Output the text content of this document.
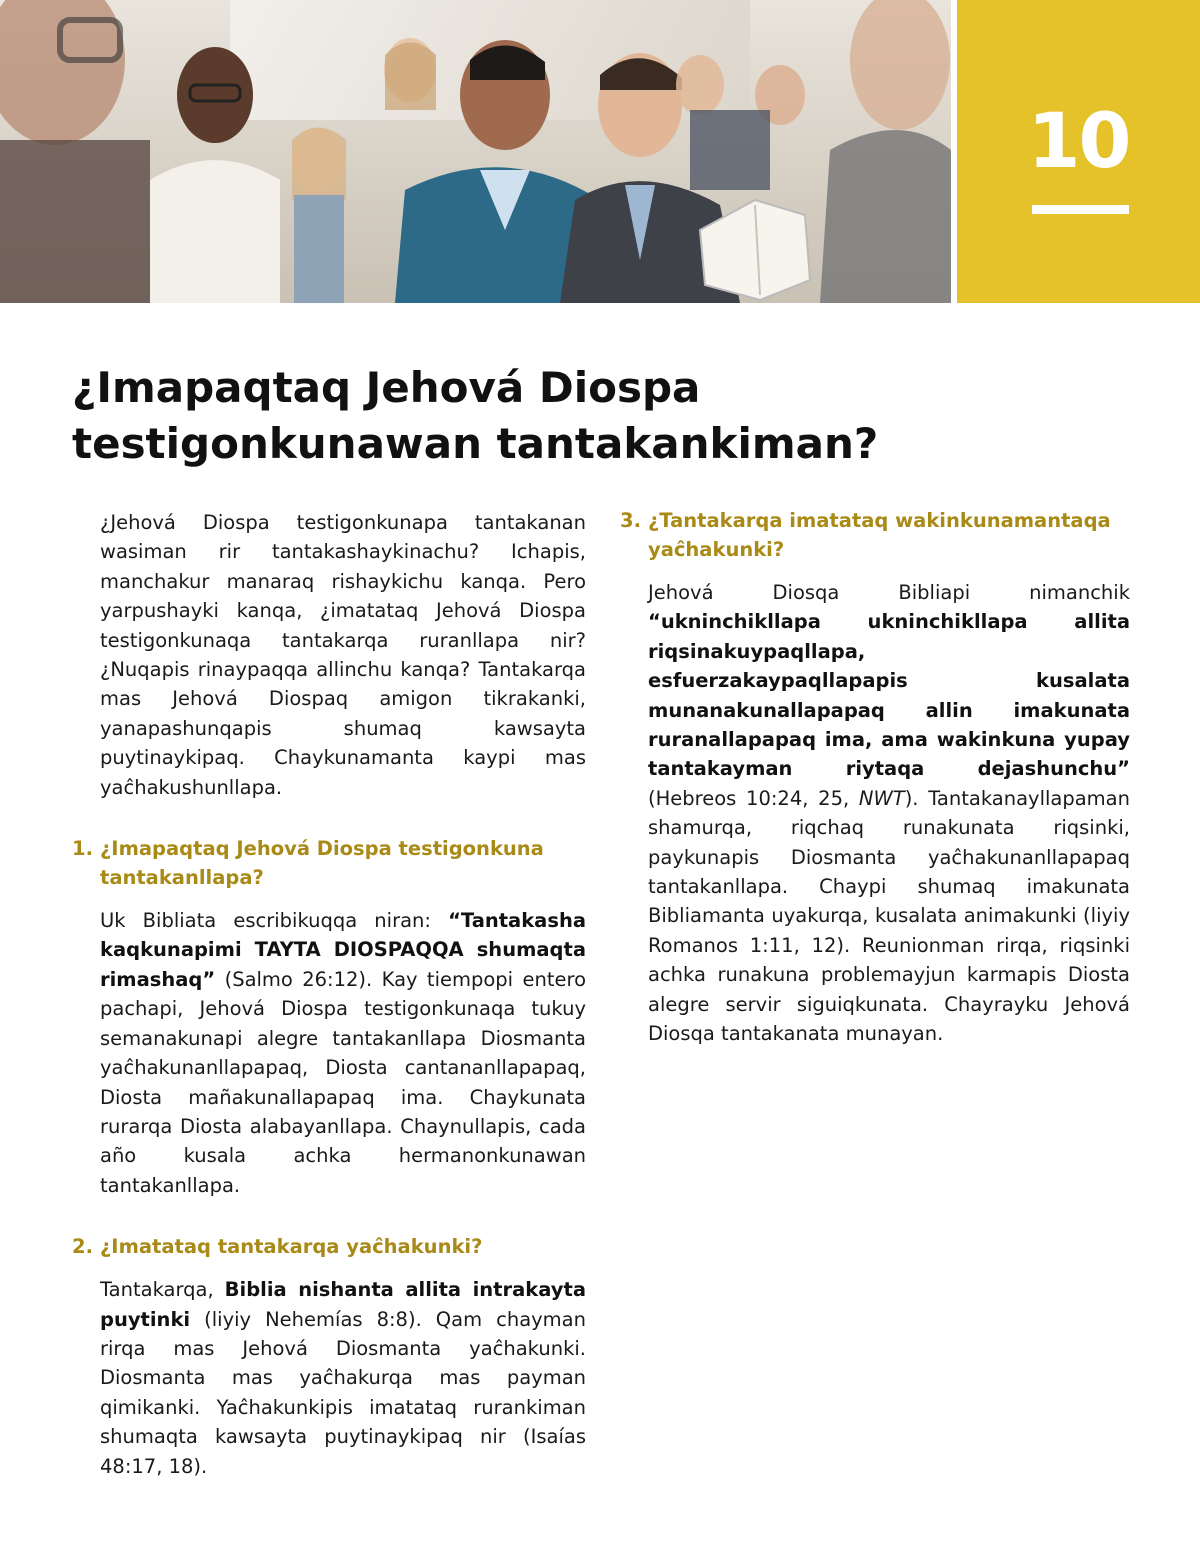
10
¿Imapaqtaq Jehová Diospa
testigonkunawan tantakankiman?

¿Jehová Diospa testigonkunapa tantakanan wasiman rir tantakashaykinachu? Ichapis, manchakur manaraq rishaykichu kanqa. Pero yarpushayki kanqa, ¿imatataq Jehová Diospa testigonkunaqa tantakarqa ruranllapa nir? ¿Nuqapis rinaypaqqa allinchu kanqa? Tantakarqa mas Jehová Diospaq amigon tikrakanki, yanapashunqapis shumaq kawsayta puytinaykipaq. Chaykunamanta kaypi mas yaĉhakushunllapa.

1. ¿Imapaqtaq Jehová Diospa testigonkuna tantakanllapa?

Uk Bibliata escribikuqqa niran: “Tantakasha kaqkunapimi TAYTA DIOSPAQQA shumaqta rimashaq” (Salmo 26:12). Kay tiempopi entero pachapi, Jehová Diospa testigonkunaqa tukuy semanakunapi alegre tantakanllapa Diosmanta yaĉhakunanllapapaq, Diosta cantananllapapaq, Diosta mañakunallapapaq ima. Chaykunata rurarqa Diosta alabayanllapa. Chaynullapis, cada año kusala achka hermanonkunawan tantakanllapa.

2. ¿Imatataq tantakarqa yaĉhakunki?

Tantakarqa, Biblia nishanta allita intrakayta puytinki (liyiy Nehemías 8:8). Qam chayman rirqa mas Jehová Diosmanta yaĉhakunki. Diosmanta mas yaĉhakurqa mas payman qimikanki. Yaĉhakunkipis imatataq rurankiman shumaqta kawsayta puytinaykipaq nir (Isaías 48:17, 18).

3. ¿Tantakarqa imatataq wakinkunamantaqa yaĉhakunki?

Jehová Diosqa Bibliapi nimanchik “ukninchikllapa ukninchikllapa allita riqsinakuypaqllapa, esfuerzakaypaqllapapis kusalata munanakunallapapaq allin imakunata ruranallapapaq ima, ama wakinkuna yupay tantakayman riytaqa dejashunchu” (Hebreos 10:24, 25, NWT). Tantakanayllapaman shamurqa, riqchaq runakunata riqsinki, paykunapis Diosmanta yaĉhakunanllapapaq tantakanllapa. Chaypi shumaq imakunata Bibliamanta uyakurqa, kusalata animakunki (liyiy Romanos 1:11, 12). Reunionman rirqa, riqsinki achka runakuna problemayjun karmapis Diosta alegre servir siguiqkunata. Chayrayku Jehová Diosqa tantakanata munayan.
